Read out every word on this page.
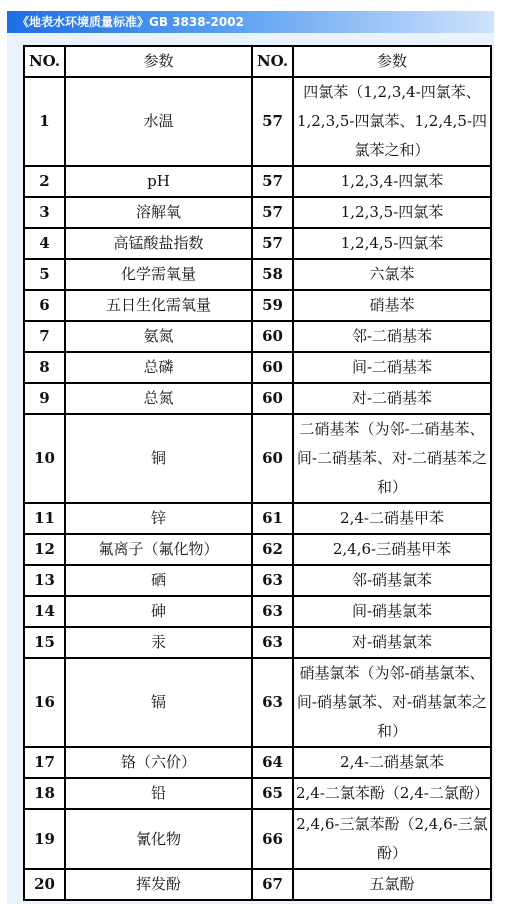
《地表水环境质量标准》GB 3838-2002
NO.	参数	NO.	参数
1	水温	57	四氯苯（1,2,3,4-四氯苯、1,2,3,5-四氯苯、1,2,4,5-四氯苯之和）
2	pH	57	1,2,3,4-四氯苯
3	溶解氧	57	1,2,3,5-四氯苯
4	高锰酸盐指数	57	1,2,4,5-四氯苯
5	化学需氧量	58	六氯苯
6	五日生化需氧量	59	硝基苯
7	氨氮	60	邻-二硝基苯
8	总磷	60	间-二硝基苯
9	总氮	60	对-二硝基苯
10	铜	60	二硝基苯（为邻-二硝基苯、间-二硝基苯、对-二硝基苯之和）
11	锌	61	2,4-二硝基甲苯
12	氟离子（氟化物）	62	2,4,6-三硝基甲苯
13	硒	63	邻-硝基氯苯
14	砷	63	间-硝基氯苯
15	汞	63	对-硝基氯苯
16	镉	63	硝基氯苯（为邻-硝基氯苯、间-硝基氯苯、对-硝基氯苯之和）
17	铬（六价）	64	2,4-二硝基氯苯
18	铅	65	2,4-二氯苯酚（2,4-二氯酚）
19	氰化物	66	2,4,6-三氯苯酚（2,4,6-三氯酚）
20	挥发酚	67	五氯酚
